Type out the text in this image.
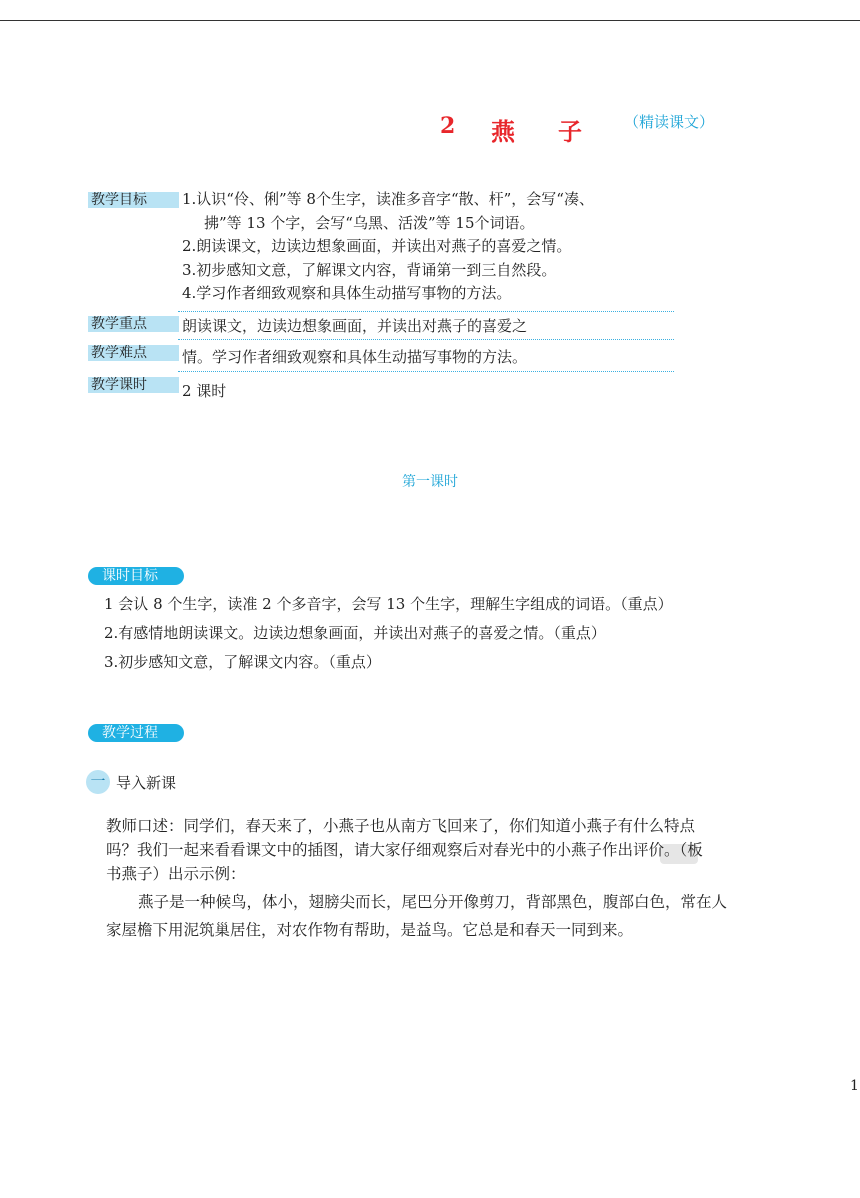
2 燕 子	（精读课文）
教学目标	1.认识“伶、俐”等 8个生字，读准多音字“散、杆”，会写“凑、
拂”等 13 个字，会写“乌黑、活泼”等 15个词语。
2.朗读课文，边读边想象画面，并读出对燕子的喜爱之情。
3.初步感知文意，了解课文内容，背诵第一到三自然段。
4.学习作者细致观察和具体生动描写事物的方法。
教学重点	朗读课文，边读边想象画面，并读出对燕子的喜爱之
教学难点	情。学习作者细致观察和具体生动描写事物的方法。
教学课时	2 课时
第一课时
课时目标
1 会认 8 个生字，读准 2 个多音字，会写 13 个生字，理解生字组成的词语。（重点）
2.有感情地朗读课文。边读边想象画面，并读出对燕子的喜爱之情。（重点）
3.初步感知文意，了解课文内容。（重点）
教学过程
一 导入新课
教师口述：同学们，春天来了，小燕子也从南方飞回来了，你们知道小燕子有什么特点
吗？我们一起来看看课文中的插图，请大家仔细观察后对春光中的小燕子作出评价。（板
书燕子）出示示例：
燕子是一种候鸟，体小，翅膀尖而长，尾巴分开像剪刀，背部黑色，腹部白色，常在人
家屋檐下用泥筑巢居住，对农作物有帮助，是益鸟。它总是和春天一同到来。
1
